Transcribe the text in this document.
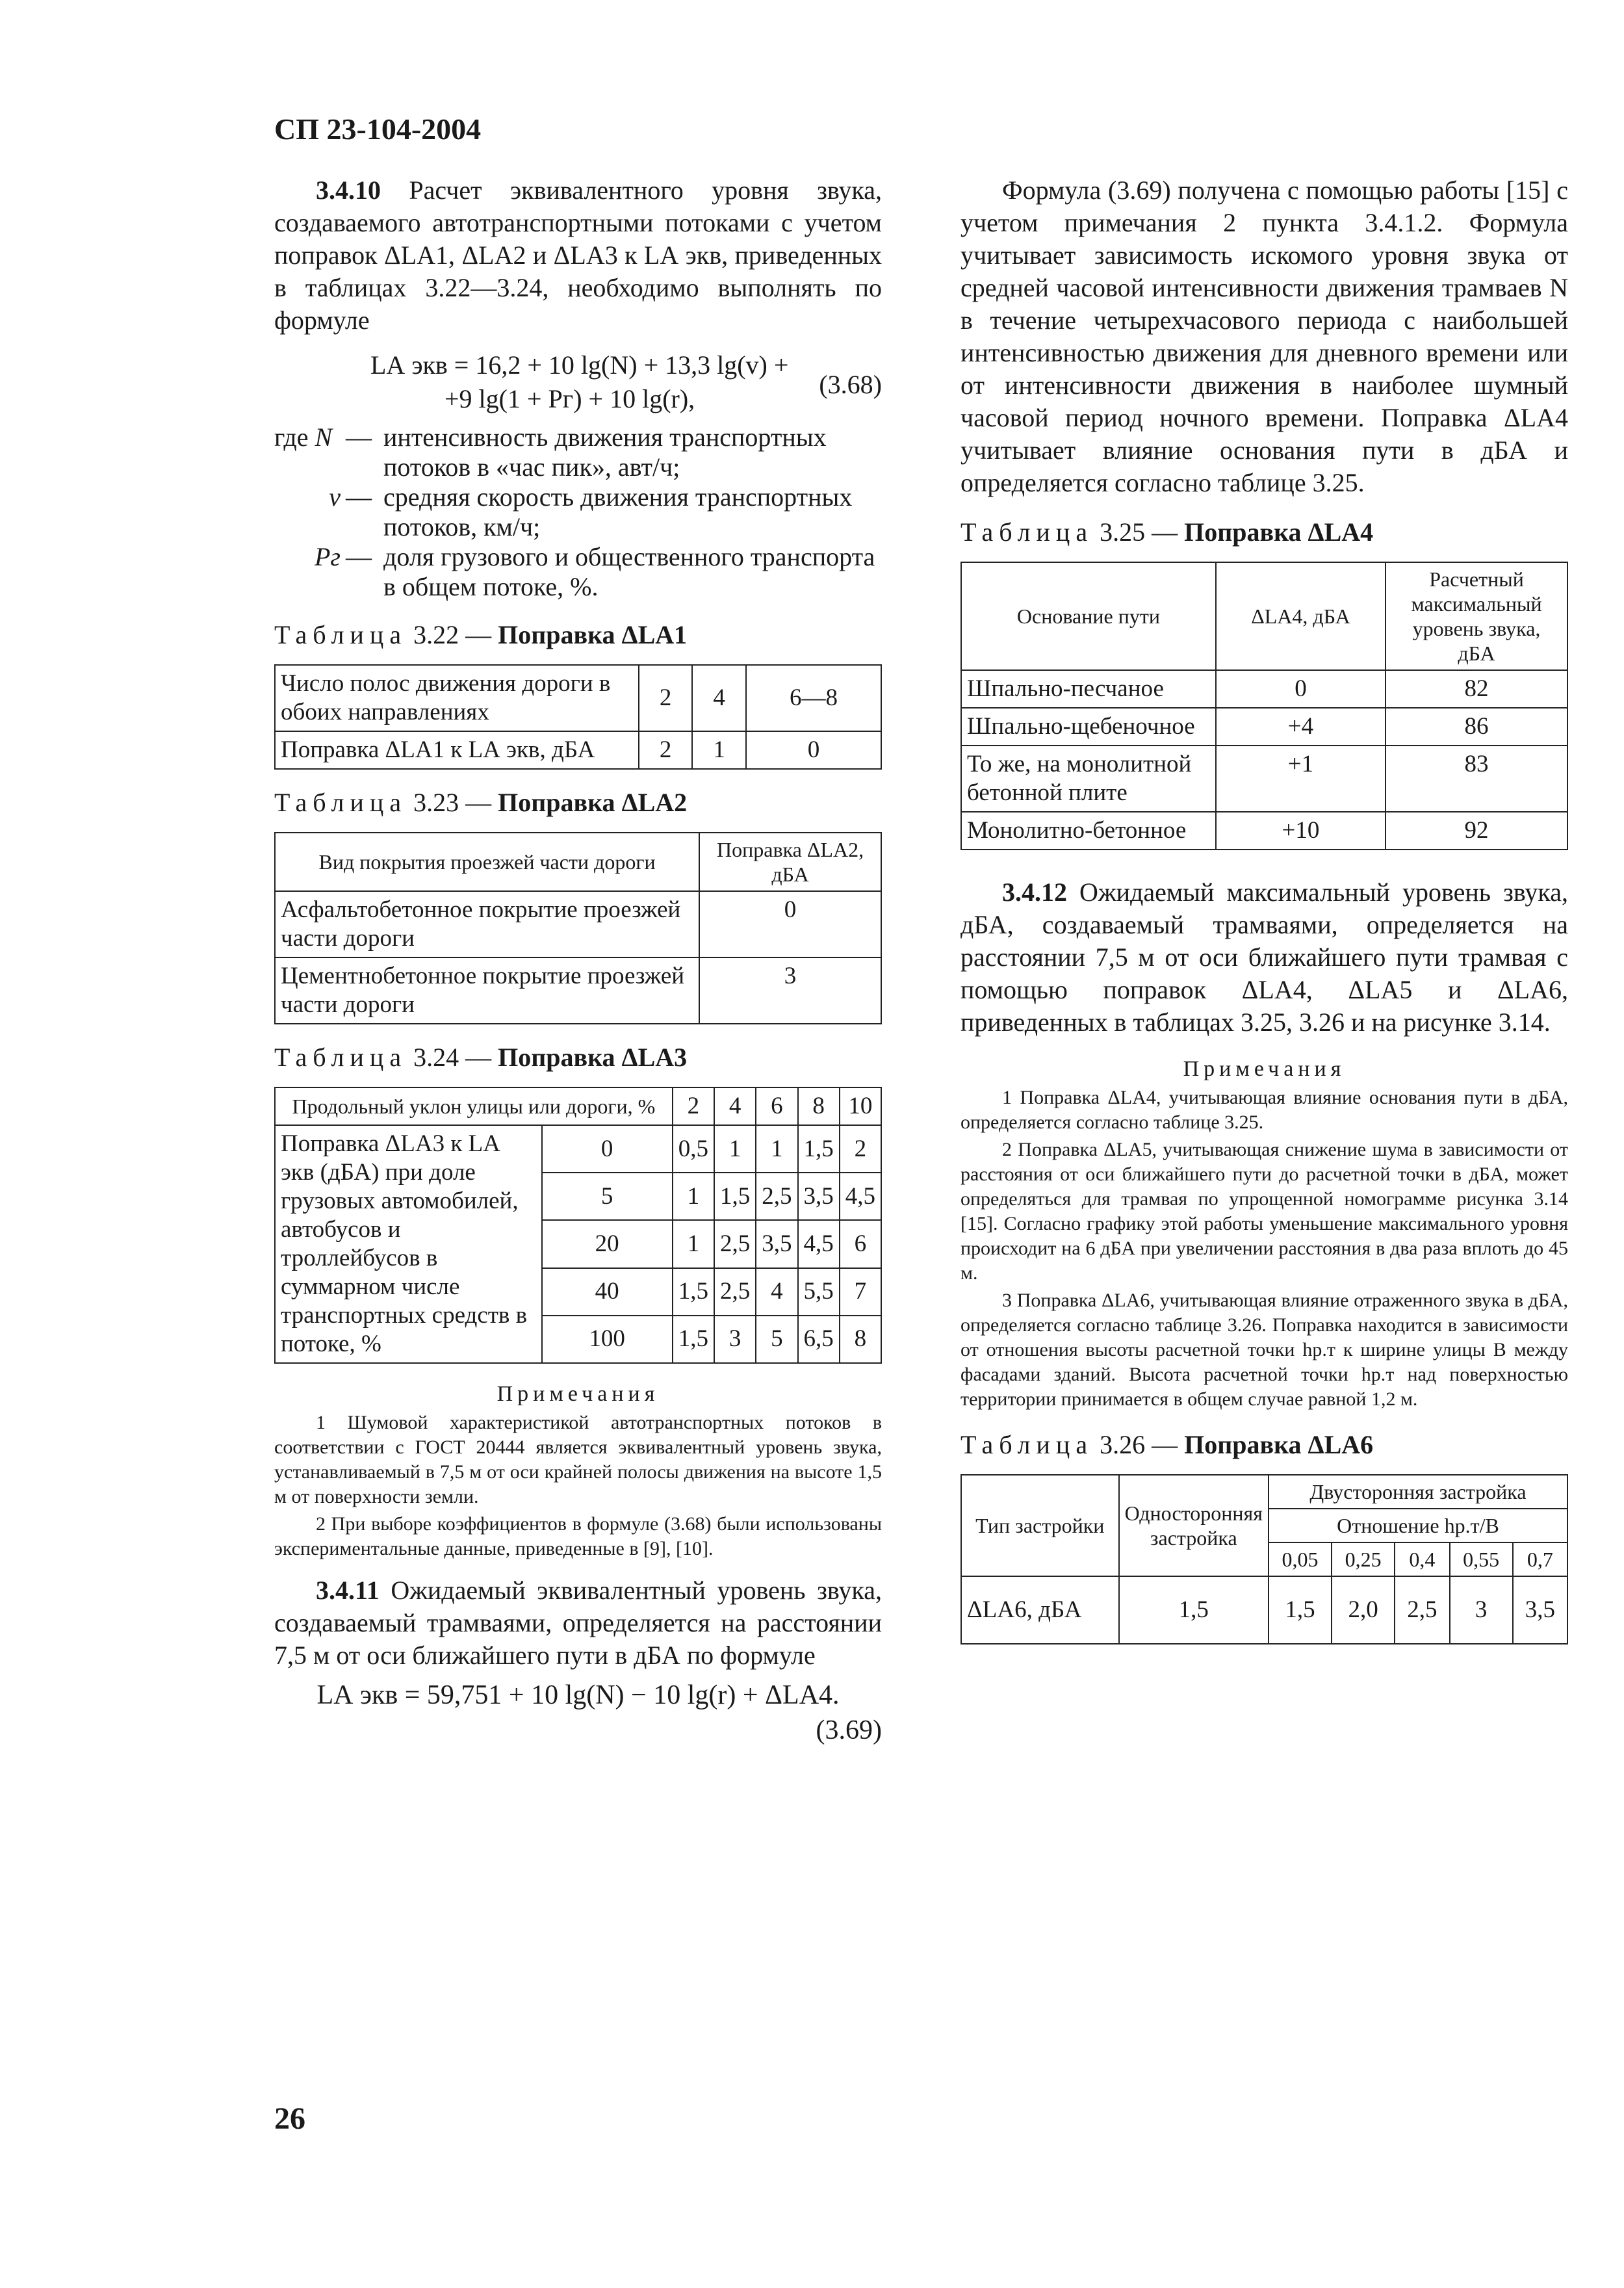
СП 23-104-2004

3.4.10 Расчет эквивалентного уровня звука, создаваемого автотранспортными потоками с учетом поправок ΔLA1, ΔLA2 и ΔLA3 к LА экв, приведенных в таблицах 3.22—3.24, необходимо выполнять по формуле

LА экв = 16,2 + 10 lg(N) + 13,3 lg(v) +
+9 lg(1 + Pг) + 10 lg(r),	(3.68)
где N — интенсивность движения транспортных потоков в «час пик», авт/ч;
v — средняя скорость движения транспортных потоков, км/ч;
Pг — доля грузового и общественного транспорта в общем потоке, %.
Таблица 3.22 — Поправка ΔLA1
Число полос движения дороги в обоих направлениях	2	4	6—8
Поправка ΔLA1 к LА экв, дБА	2	1	0
Таблица 3.23 — Поправка ΔLA2
Вид покрытия проезжей части дороги	Поправка ΔLA2, дБА
Асфальтобетонное покрытие проезжей части дороги	0
Цементнобетонное покрытие проезжей части дороги	3
Таблица 3.24 — Поправка ΔLA3
Продольный уклон улицы или дороги, %		2	4	6	8	10
Поправка ΔLA3 к LА экв (дБА) при доле грузовых автомобилей, автобусов и троллейбусов в суммарном числе транспортных средств в потоке, %	0	0,5	1	1	1,5	2
	5	1	1,5	2,5	3,5	4,5
	20	1	2,5	3,5	4,5	6
	40	1,5	2,5	4	5,5	7
	100	1,5	3	5	6,5	8
Примечания

1 Шумовой характеристикой автотранспортных потоков в соответствии с ГОСТ 20444 является эквивалентный уровень звука, устанавливаемый в 7,5 м от оси крайней полосы движения на высоте 1,5 м от поверхности земли.

2 При выборе коэффициентов в формуле (3.68) были использованы экспериментальные данные, приведенные в [9], [10].

3.4.11 Ожидаемый эквивалентный уровень звука, создаваемый трамваями, определяется на расстоянии 7,5 м от оси ближайшего пути в дБА по формуле

LА экв = 59,751 + 10 lg(N) − 10 lg(r) + ΔLA4.
(3.69)

Формула (3.69) получена с помощью работы [15] с учетом примечания 2 пункта 3.4.1.2. Формула учитывает зависимость искомого уровня звука от средней часовой интенсивности движения трамваев N в течение четырехчасового периода с наибольшей интенсивностью движения для дневного времени или от интенсивности движения в наиболее шумный часовой период ночного времени. Поправка ΔLA4 учитывает влияние основания пути в дБА и определяется согласно таблице 3.25.

Таблица 3.25 — Поправка ΔLA4
Основание пути	ΔLA4, дБА	Расчетный максимальный уровень звука, дБА
Шпально-песчаное	0	82
Шпально-щебеночное	+4	86
То же, на монолитной бетонной плите	+1	83
Монолитно-бетонное	+10	92

3.4.12 Ожидаемый максимальный уровень звука, дБА, создаваемый трамваями, определяется на расстоянии 7,5 м от оси ближайшего пути трамвая с помощью поправок ΔLA4, ΔLA5 и ΔLA6, приведенных в таблицах 3.25, 3.26 и на рисунке 3.14.

Примечания

1 Поправка ΔLA4, учитывающая влияние основания пути в дБА, определяется согласно таблице 3.25.

2 Поправка ΔLA5, учитывающая снижение шума в зависимости от расстояния от оси ближайшего пути до расчетной точки в дБА, может определяться для трамвая по упрощенной номограмме рисунка 3.14 [15]. Согласно графику этой работы уменьшение максимального уровня происходит на 6 дБА при увеличении расстояния в два раза вплоть до 45 м.

3 Поправка ΔLA6, учитывающая влияние отраженного звука в дБА, определяется согласно таблице 3.26. Поправка находится в зависимости от отношения высоты расчетной точки hр.т к ширине улицы В между фасадами зданий. Высота расчетной точки hр.т над поверхностью территории принимается в общем случае равной 1,2 м.

Таблица 3.26 — Поправка ΔLA6
Тип застройки	Односторонняя застройка	Двусторонняя застройка				
		Отношение hр.т/В				
		0,05	0,25	0,4	0,55	0,7
ΔLA6, дБА	1,5	1,5	2,0	2,5	3	3,5
26
